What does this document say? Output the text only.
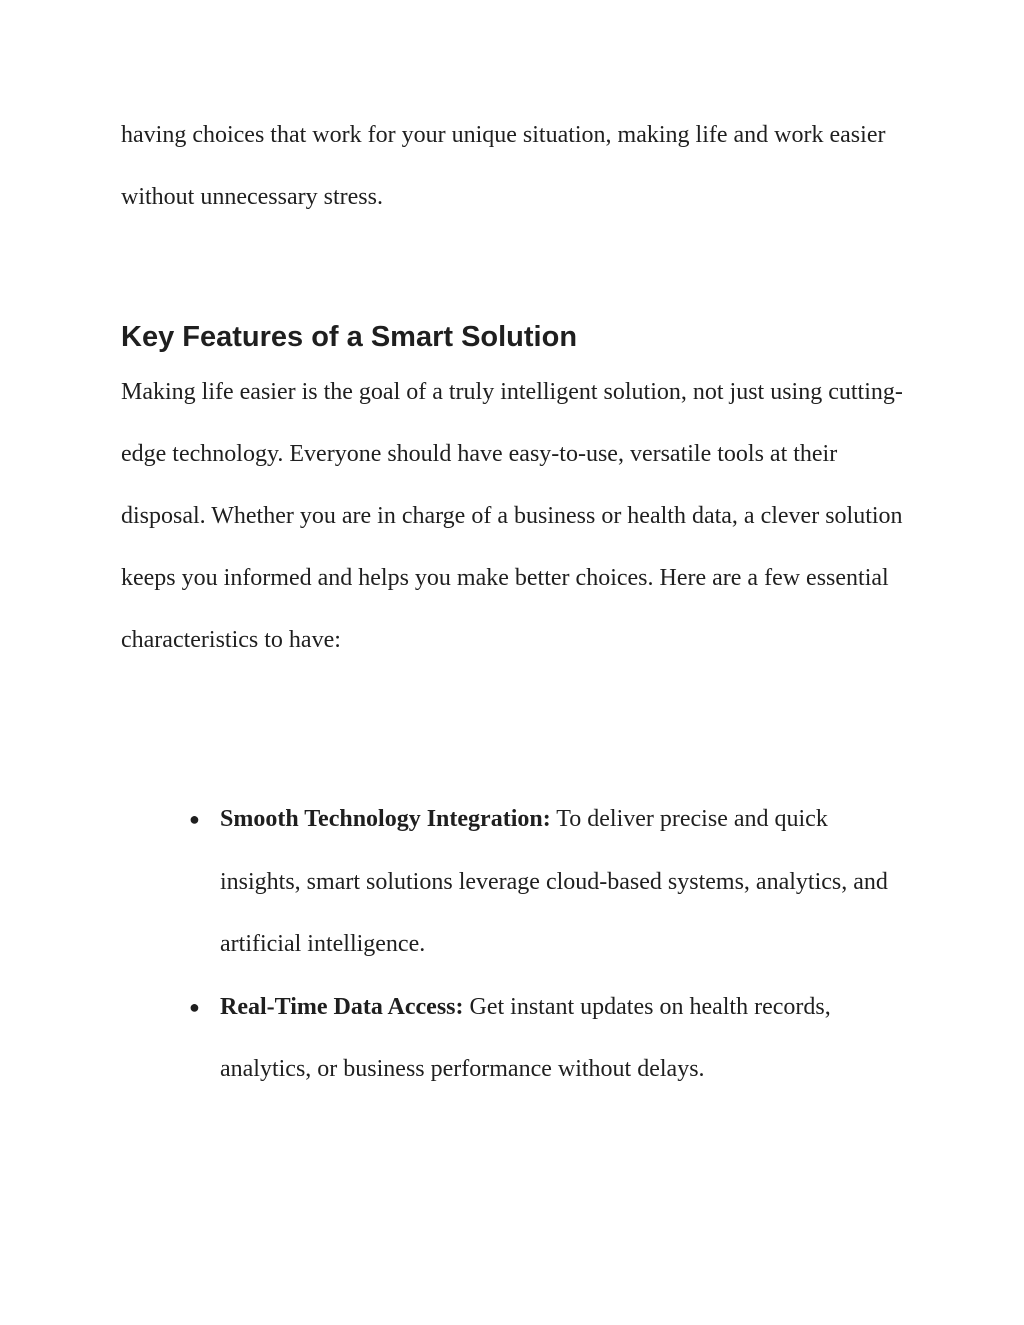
having choices that work for your unique situation, making life and work easier without unnecessary stress.

Key Features of a Smart Solution

Making life easier is the goal of a truly intelligent solution, not just using cutting-edge technology. Everyone should have easy-to-use, versatile tools at their disposal. Whether you are in charge of a business or health data, a clever solution keeps you informed and helps you make better choices. Here are a few essential characteristics to have:

● Smooth Technology Integration: To deliver precise and quick insights, smart solutions leverage cloud-based systems, analytics, and artificial intelligence.
● Real-Time Data Access: Get instant updates on health records, analytics, or business performance without delays.
